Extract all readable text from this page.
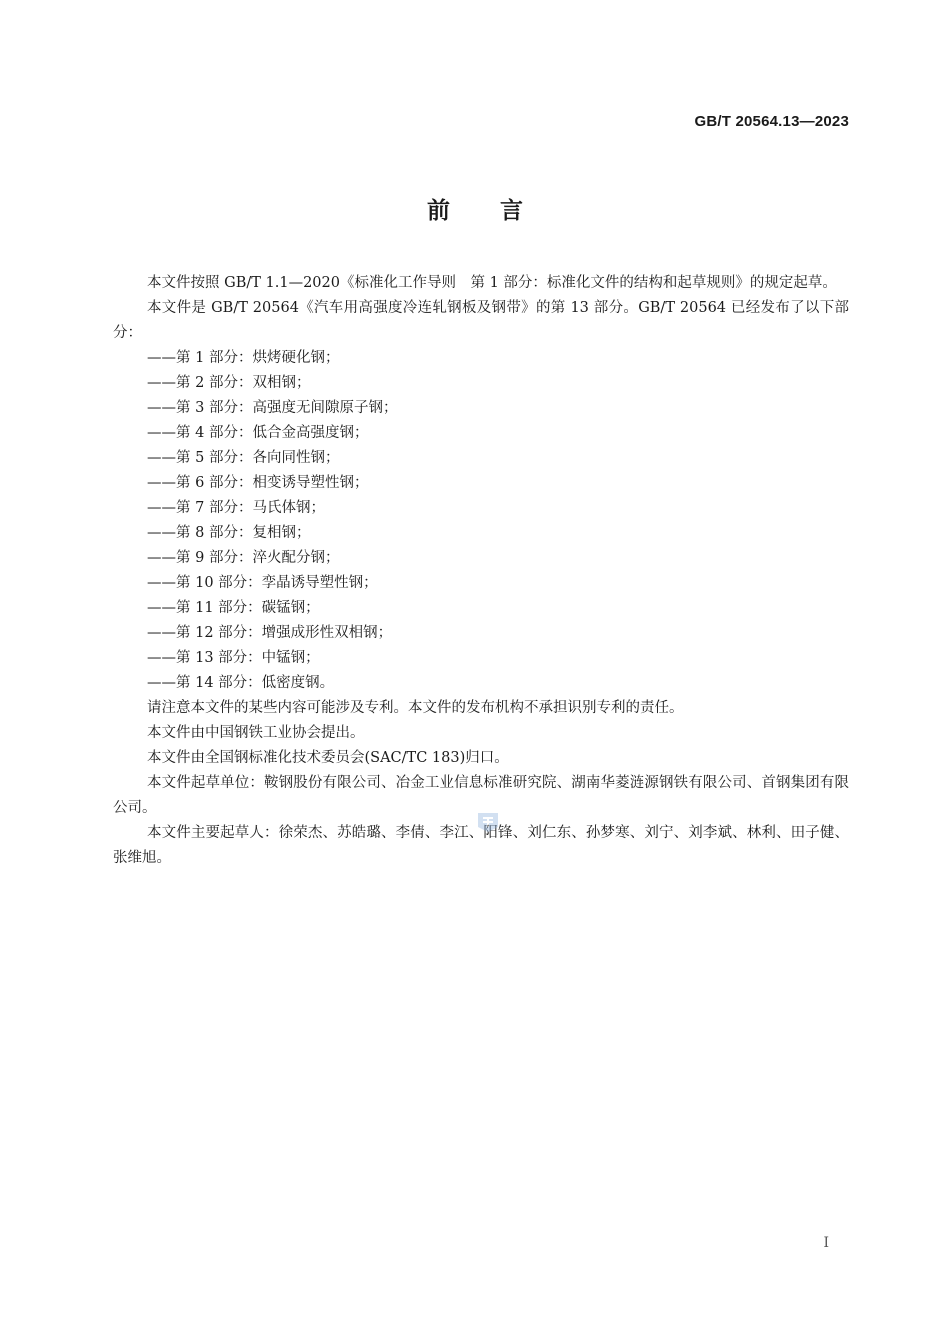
GB/T 20564.13—2023
前言

本文件按照 GB/T 1.1—2020《标准化工作导则　第 1 部分：标准化文件的结构和起草规则》的规定起草。

本文件是 GB/T 20564《汽车用高强度冷连轧钢板及钢带》的第 13 部分。GB/T 20564 已经发布了以下部分：

——第 1 部分：烘烤硬化钢；

——第 2 部分：双相钢；

——第 3 部分：高强度无间隙原子钢；

——第 4 部分：低合金高强度钢；

——第 5 部分：各向同性钢；

——第 6 部分：相变诱导塑性钢；

——第 7 部分：马氏体钢；

——第 8 部分：复相钢；

——第 9 部分：淬火配分钢；

——第 10 部分：孪晶诱导塑性钢；

——第 11 部分：碳锰钢；

——第 12 部分：增强成形性双相钢；

——第 13 部分：中锰钢；

——第 14 部分：低密度钢。

请注意本文件的某些内容可能涉及专利。本文件的发布机构不承担识别专利的责任。

本文件由中国钢铁工业协会提出。

本文件由全国钢标准化技术委员会(SAC/TC 183)归口。

本文件起草单位：鞍钢股份有限公司、冶金工业信息标准研究院、湖南华菱涟源钢铁有限公司、首钢集团有限公司。

本文件主要起草人：徐荣杰、苏皓璐、李倩、李江、阳锋、刘仁东、孙梦寒、刘宁、刘李斌、林利、田子健、张维旭。

Ⅰ
